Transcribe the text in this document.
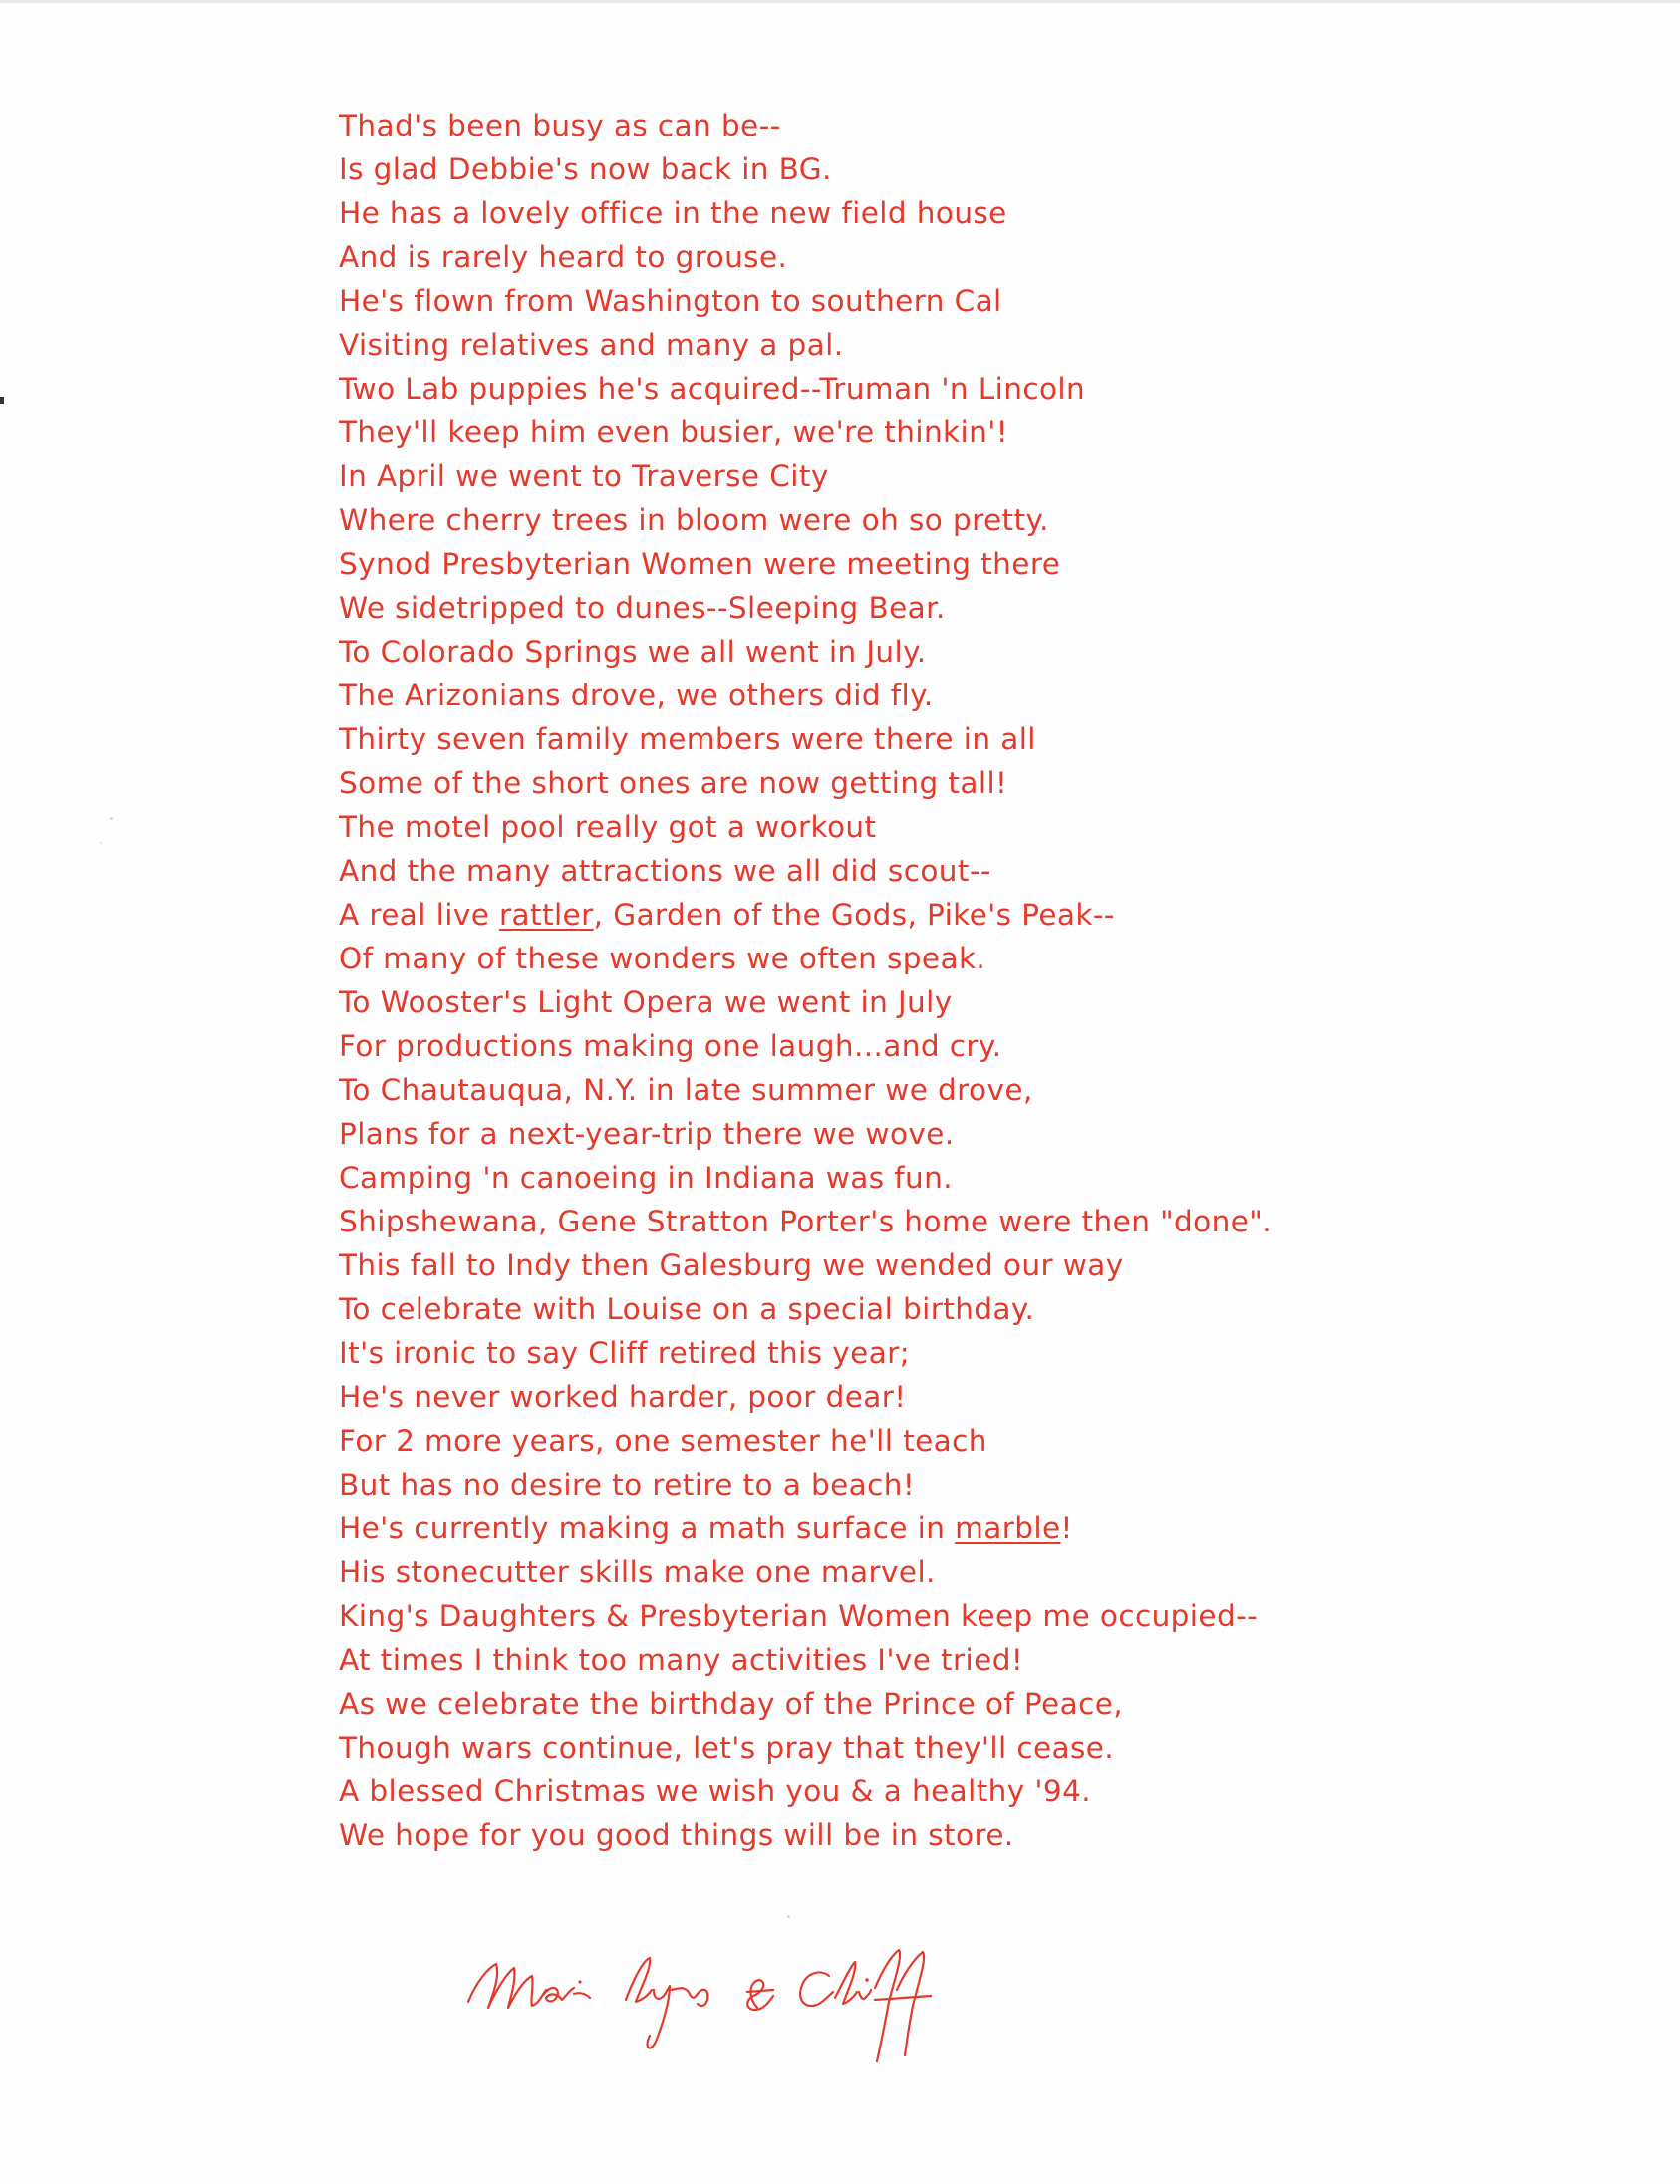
Thad's been busy as can be--
Is glad Debbie's now back in BG.
He has a lovely office in the new field house
And is rarely heard to grouse.
He's flown from Washington to southern Cal
Visiting relatives and many a pal.
Two Lab puppies he's acquired--Truman 'n Lincoln
They'll keep him even busier, we're thinkin'!
In April we went to Traverse City
Where cherry trees in bloom were oh so pretty.
Synod Presbyterian Women were meeting there
We sidetripped to dunes--Sleeping Bear.
To Colorado Springs we all went in July.
The Arizonians drove, we others did fly.
Thirty seven family members were there in all
Some of the short ones are now getting tall!
The motel pool really got a workout
And the many attractions we all did scout--
A real live rattler, Garden of the Gods, Pike's Peak--
Of many of these wonders we often speak.
To Wooster's Light Opera we went in July
For productions making one laugh...and cry.
To Chautauqua, N.Y. in late summer we drove,
Plans for a next-year-trip there we wove.
Camping 'n canoeing in Indiana was fun.
Shipshewana, Gene Stratton Porter's home were then "done".
This fall to Indy then Galesburg we wended our way
To celebrate with Louise on a special birthday.
It's ironic to say Cliff retired this year;
He's never worked harder, poor dear!
For 2 more years, one semester he'll teach
But has no desire to retire to a beach!
He's currently making a math surface in marble!
His stonecutter skills make one marvel.
King's Daughters & Presbyterian Women keep me occupied--
At times I think too many activities I've tried!
As we celebrate the birthday of the Prince of Peace,
Though wars continue, let's pray that they'll cease.
A blessed Christmas we wish you & a healthy '94.
We hope for you good things will be in store.
